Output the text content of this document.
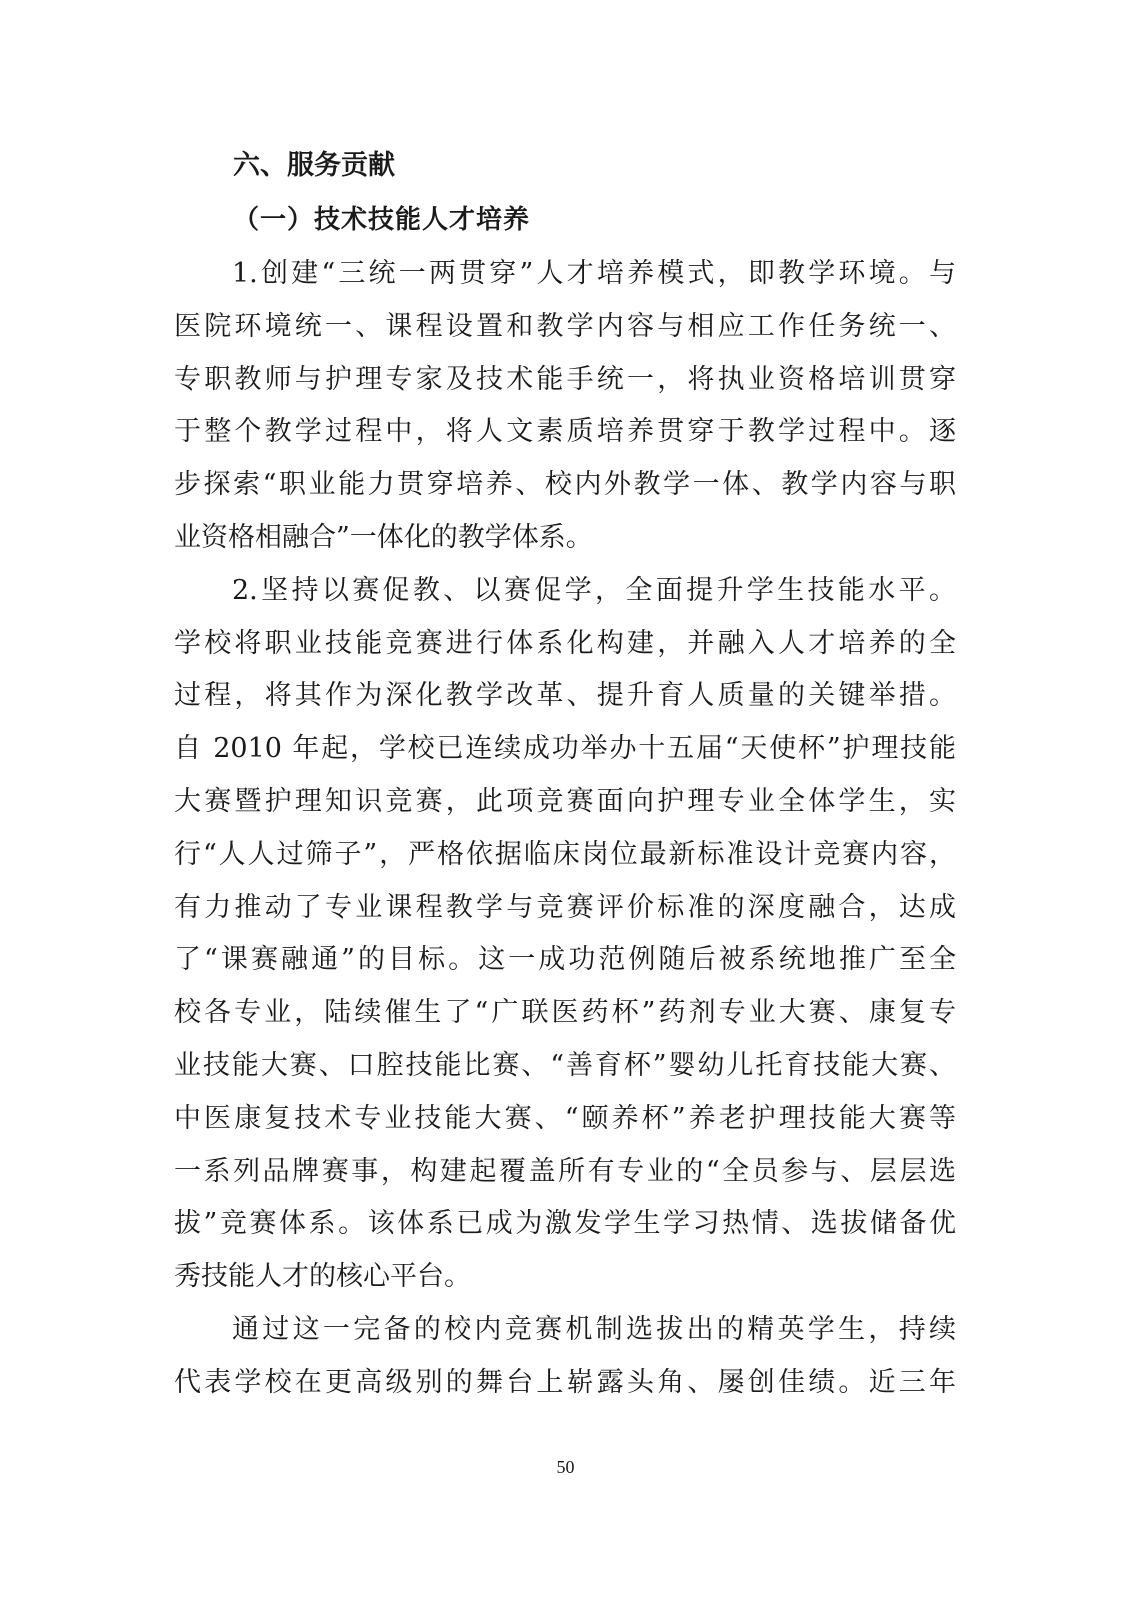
六、服务贡献
（一）技术技能人才培养
1.创建“三统一两贯穿”人才培养模式，即教学环境。与
医院环境统一、课程设置和教学内容与相应工作任务统一、
专职教师与护理专家及技术能手统一，将执业资格培训贯穿
于整个教学过程中，将人文素质培养贯穿于教学过程中。逐
步探索“职业能力贯穿培养、校内外教学一体、教学内容与职
业资格相融合”一体化的教学体系。
2.坚持以赛促教、以赛促学，全面提升学生技能水平。
学校将职业技能竞赛进行体系化构建，并融入人才培养的全
过程，将其作为深化教学改革、提升育人质量的关键举措。
自 2010 年起，学校已连续成功举办十五届“天使杯”护理技能
大赛暨护理知识竞赛，此项竞赛面向护理专业全体学生，实
行“人人过筛子”，严格依据临床岗位最新标准设计竞赛内容，
有力推动了专业课程教学与竞赛评价标准的深度融合，达成
了“课赛融通”的目标。这一成功范例随后被系统地推广至全
校各专业，陆续催生了“广联医药杯”药剂专业大赛、康复专
业技能大赛、口腔技能比赛、“善育杯”婴幼儿托育技能大赛、
中医康复技术专业技能大赛、“颐养杯”养老护理技能大赛等
一系列品牌赛事，构建起覆盖所有专业的“全员参与、层层选
拔”竞赛体系。该体系已成为激发学生学习热情、选拔储备优
秀技能人才的核心平台。
通过这一完备的校内竞赛机制选拔出的精英学生，持续
代表学校在更高级别的舞台上崭露头角、屡创佳绩。近三年
50
